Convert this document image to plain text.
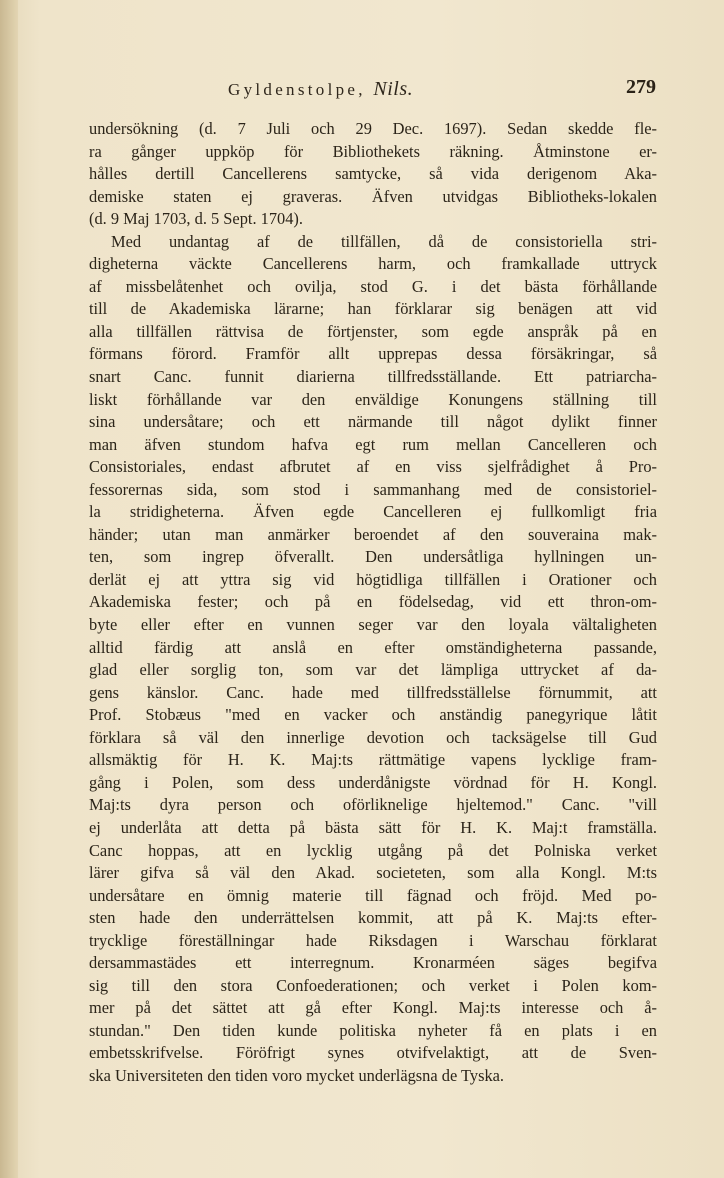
Gyldenstolpe, Nils.	279
undersökning (d. 7 Juli och 29 Dec. 1697). Sedan skedde fle-
ra gånger uppköp för Bibliothekets räkning. Åtminstone er-
hålles dertill Cancellerens samtycke, så vida derigenom Aka-
demiske staten ej graveras. Äfven utvidgas Bibliotheks-lokalen
(d. 9 Maj 1703, d. 5 Sept. 1704).
Med undantag af de tillfällen, då de consistoriella stri-
digheterna väckte Cancellerens harm, och framkallade uttryck
af missbelåtenhet och ovilja, stod G. i det bästa förhållande
till de Akademiska lärarne; han förklarar sig benägen att vid
alla tillfällen rättvisa de förtjenster, som egde anspråk på en
förmans förord. Framför allt upprepas dessa försäkringar, så
snart Canc. funnit diarierna tillfredsställande. Ett patriarcha-
liskt förhållande var den enväldige Konungens ställning till
sina undersåtare; och ett närmande till något dylikt finner
man äfven stundom hafva egt rum mellan Cancelleren och
Consistoriales, endast afbrutet af en viss sjelfrådighet å Pro-
fessorernas sida, som stod i sammanhang med de consistoriel-
la stridigheterna. Äfven egde Cancelleren ej fullkomligt fria
händer; utan man anmärker beroendet af den souveraina mak-
ten, som ingrep öfverallt. Den undersåtliga hyllningen un-
derlät ej att yttra sig vid högtidliga tillfällen i Orationer och
Akademiska fester; och på en födelsedag, vid ett thron-om-
byte eller efter en vunnen seger var den loyala vältaligheten
alltid färdig att anslå en efter omständigheterna passande,
glad eller sorglig ton, som var det lämpliga uttrycket af da-
gens känslor. Canc. hade med tillfredsställelse förnummit, att
Prof. Stobæus "med en vacker och anständig panegyrique låtit
förklara så väl den innerlige devotion och tacksägelse till Gud
allsmäktig för H. K. Maj:ts rättmätige vapens lycklige fram-
gång i Polen, som dess underdånigste vördnad för H. Kongl.
Maj:ts dyra person och oförliknelige hjeltemod." Canc. "vill
ej underlåta att detta på bästa sätt för H. K. Maj:t framställa.
Canc hoppas, att en lycklig utgång på det Polniska verket
lärer gifva så väl den Akad. societeten, som alla Kongl. M:ts
undersåtare en ömnig materie till fägnad och fröjd. Med po-
sten hade den underrättelsen kommit, att på K. Maj:ts efter-
trycklige föreställningar hade Riksdagen i Warschau förklarat
dersammastädes ett interregnum. Kronarméen säges begifva
sig till den stora Confoederationen; och verket i Polen kom-
mer på det sättet att gå efter Kongl. Maj:ts interesse och å-
stundan." Den tiden kunde politiska nyheter få en plats i en
embetsskrifvelse. Föröfrigt synes otvifvelaktigt, att de Sven-
ska Universiteten den tiden voro mycket underlägsna de Tyska.
